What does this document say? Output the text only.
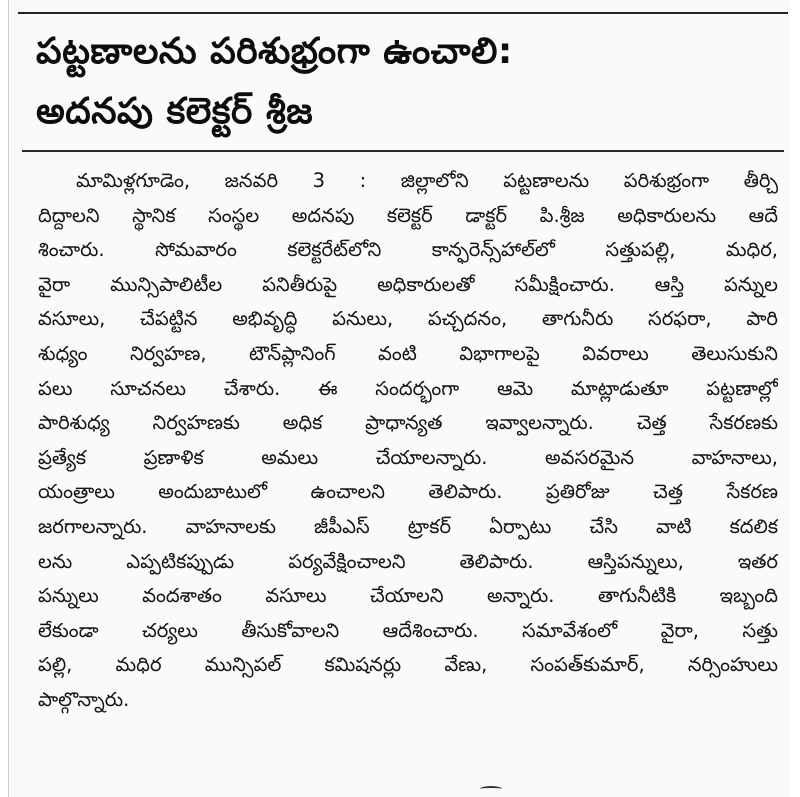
పట్టణాలను పరిశుభ్రంగా ఉంచాలి:
అదనపు కలెక్టర్ శ్రీజ
మామిళ్లగూడెం, జనవరి 3 : జిల్లాలోని పట్టణాలను పరిశుభ్రంగా తీర్చి
దిద్దాలని స్థానిక సంస్థల అదనపు కలెక్టర్ డాక్టర్ పి.శ్రీజ అధికారులను ఆదే
శించారు. సోమవారం కలెక్టరేట్‌లోని కాన్ఫరెన్స్‌హాల్‌లో సత్తుపల్లి, మధిర,
వైరా మున్సిపాలిటీల పనితీరుపై అధికారులతో సమీక్షించారు. ఆస్తి పన్నుల
వసూలు, చేపట్టిన అభివృద్ధి పనులు, పచ్చదనం, తాగునీరు సరఫరా, పారి
శుధ్యం నిర్వహణ, టౌన్‌ప్లానింగ్ వంటి విభాగాలపై వివరాలు తెలుసుకుని
పలు సూచనలు చేశారు. ఈ సందర్భంగా ఆమె మాట్లాడుతూ పట్టణాల్లో
పారిశుధ్య నిర్వహణకు అధిక ప్రాధాన్యత ఇవ్వాలన్నారు. చెత్త సేకరణకు
ప్రత్యేక ప్రణాళిక అమలు చేయాలన్నారు. అవసరమైన వాహనాలు,
యంత్రాలు అందుబాటులో ఉంచాలని తెలిపారు. ప్రతిరోజు చెత్త సేకరణ
జరగాలన్నారు. వాహనాలకు జీపీఎస్ ట్రాకర్ ఏర్పాటు చేసి వాటి కదలిక
లను ఎప్పటికప్పుడు పర్యవేక్షించాలని తెలిపారు. ఆస్తిపన్నులు, ఇతర
పన్నులు వందశాతం వసూలు చేయాలని అన్నారు. తాగునీటికి ఇబ్బంది
లేకుండా చర్యలు తీసుకోవాలని ఆదేశించారు. సమావేశంలో వైరా, సత్తు
పల్లి, మధిర మున్సిపల్ కమిషనర్లు వేణు, సంపత్‌కుమార్, నర్సింహులు
పాల్గొన్నారు.
